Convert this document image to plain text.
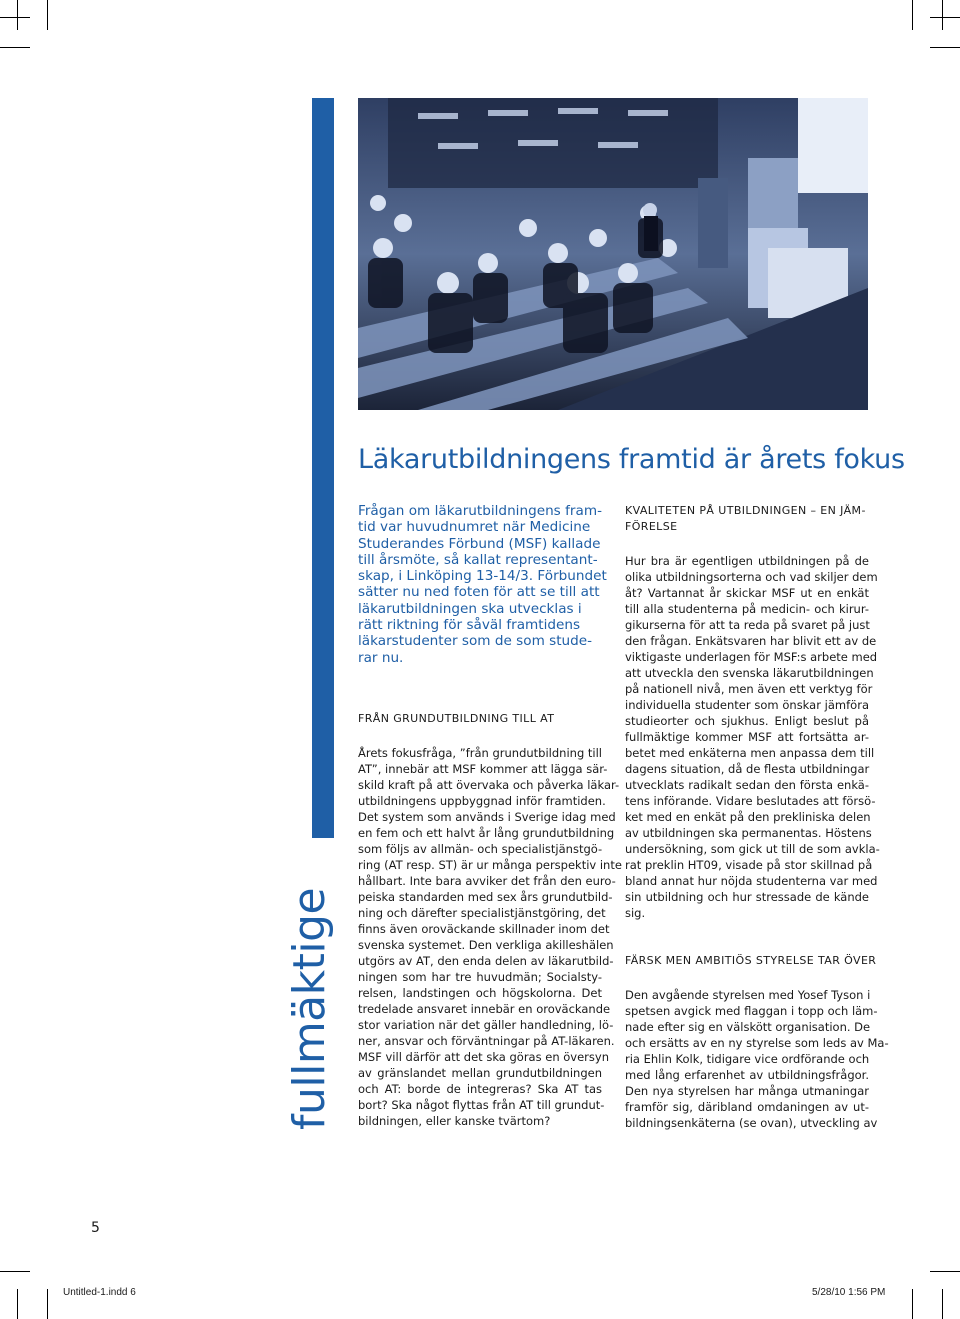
fullmäktige
Läkarutbildningens framtid är årets fokus
Frågan om läkarutbildningens fram-
tid var huvudnumret när Medicine
Studerandes Förbund (MSF) kallade
till årsmöte, så kallat representant-
skap, i Linköping 13-14/3. Förbundet
sätter nu ned foten för att se till att
läkarutbildningen ska utvecklas i
rätt riktning för såväl framtidens
läkarstudenter som de som stude-
rar nu.
FRÅN GRUNDUTBILDNING TILL AT
Årets fokusfråga, ”från grundutbildning till
AT”, innebär att MSF kommer att lägga sär-
skild kraft på att övervaka och påverka läkar-
utbildningens uppbyggnad inför framtiden.
Det system som används i Sverige idag med
en fem och ett halvt år lång grundutbildning
som följs av allmän- och specialistjänstgö-
ring (AT resp. ST) är ur många perspektiv inte
hållbart. Inte bara avviker det från den euro-
peiska standarden med sex års grundutbild-
ning och därefter specialistjänstgöring, det
finns även oroväckande skillnader inom det
svenska systemet. Den verkliga akilleshälen
utgörs av AT, den enda delen av läkarutbild-
ningen som har tre huvudmän; Socialsty-
relsen, landstingen och högskolorna. Det
tredelade ansvaret innebär en oroväckande
stor variation när det gäller handledning, lö-
ner, ansvar och förväntningar på AT-läkaren.
MSF vill därför att det ska göras en översyn
av gränslandet mellan grundutbildningen
och AT: borde de integreras? Ska AT tas
bort? Ska något flyttas från AT till grundut-
bildningen, eller kanske tvärtom?
KVALITETEN PÅ UTBILDNINGEN – EN JÄM-
FÖRELSE
Hur bra är egentligen utbildningen på de
olika utbildningsorterna och vad skiljer dem
åt? Vartannat år skickar MSF ut en enkät
till alla studenterna på medicin- och kirur-
gikurserna för att ta reda på svaret på just
den frågan. Enkätsvaren har blivit ett av de
viktigaste underlagen för MSF:s arbete med
att utveckla den svenska läkarutbildningen
på nationell nivå, men även ett verktyg för
individuella studenter som önskar jämföra
studieorter och sjukhus. Enligt beslut på
fullmäktige kommer MSF att fortsätta ar-
betet med enkäterna men anpassa dem till
dagens situation, då de flesta utbildningar
utvecklats radikalt sedan den första enkä-
tens införande. Vidare beslutades att försö-
ket med en enkät på den prekliniska delen
av utbildningen ska permanentas. Höstens
undersökning, som gick ut till de som avkla-
rat preklin HT09, visade på stor skillnad på
bland annat hur nöjda studenterna var med
sin utbildning och hur stressade de kände
sig.
FÄRSK MEN AMBITIÖS STYRELSE TAR ÖVER
Den avgående styrelsen med Yosef Tyson i
spetsen avgick med flaggan i topp och läm-
nade efter sig en välskött organisation. De
och ersätts av en ny styrelse som leds av Ma-
ria Ehlin Kolk, tidigare vice ordförande och
med lång erfarenhet av utbildningsfrågor.
Den nya styrelsen har många utmaningar
framför sig, däribland omdaningen av ut-
bildningsenkäterna (se ovan), utveckling av
5
Untitled-1.indd 6	5/28/10 1:56 PM
